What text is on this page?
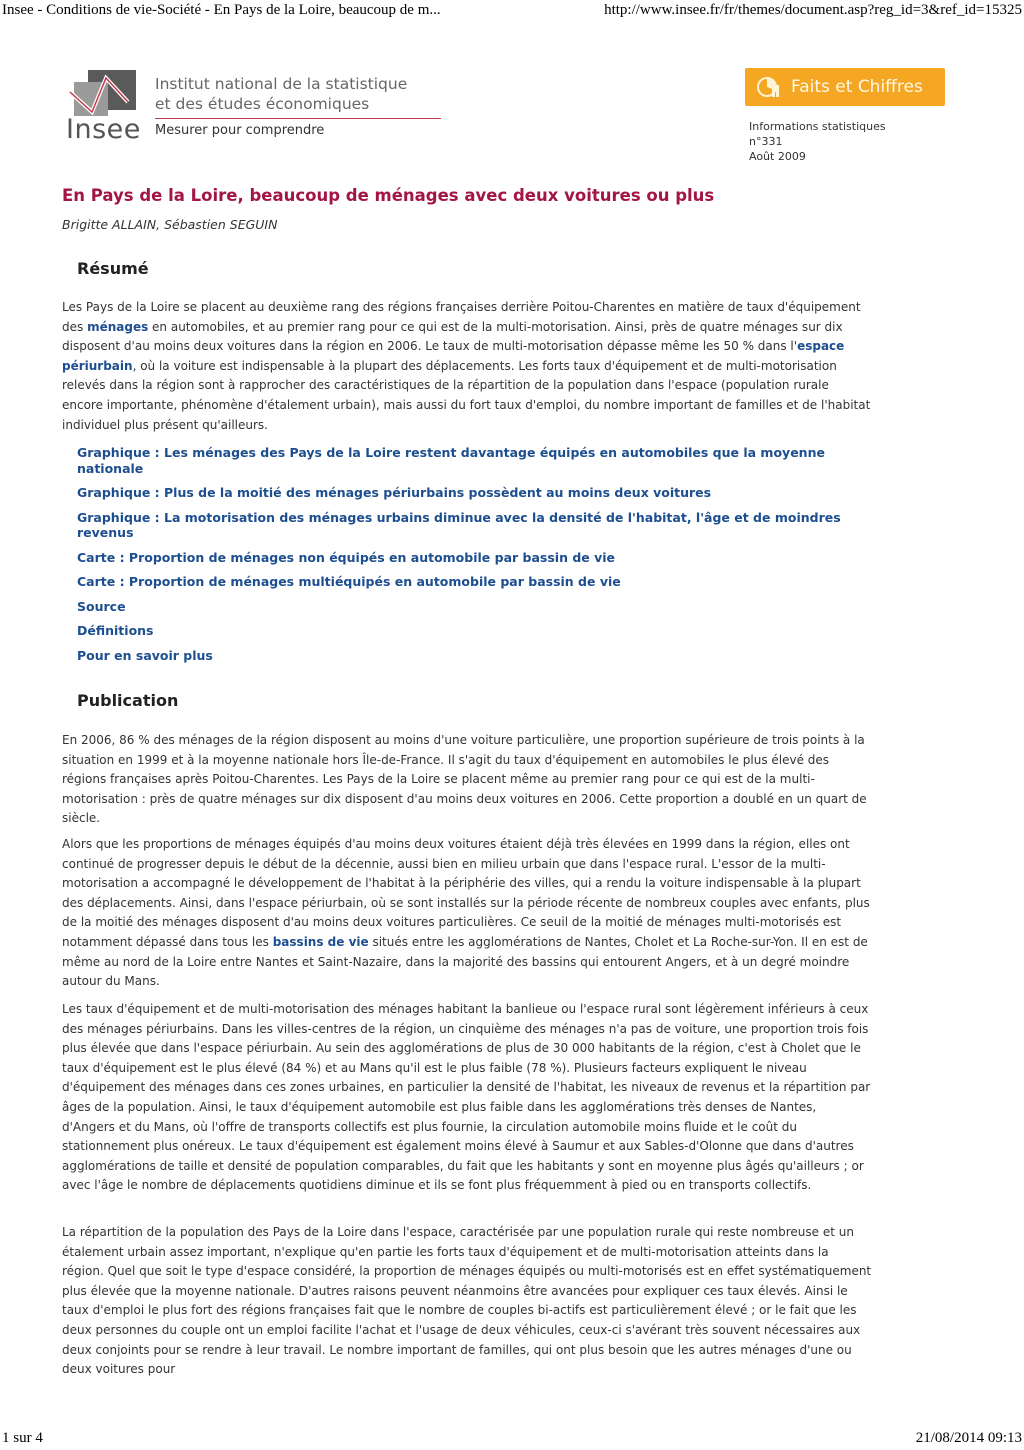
Insee - Conditions de vie-Société - En Pays de la Loire, beaucoup de m...	http://www.insee.fr/fr/themes/document.asp?reg_id=3&ref_id=15325
Insee
Institut national de la statistique
et des études économiques
Mesurer pour comprendre
Faits et Chiffres
Informations statistiques
n°331
Août 2009
En Pays de la Loire, beaucoup de ménages avec deux voitures ou plus
Brigitte ALLAIN, Sébastien SEGUIN
Résumé
Les Pays de la Loire se placent au deuxième rang des régions françaises derrière Poitou-Charentes en matière de taux d'équipement des ménages en automobiles, et au premier rang pour ce qui est de la multi-motorisation. Ainsi, près de quatre ménages sur dix disposent d'au moins deux voitures dans la région en 2006. Le taux de multi-motorisation dépasse même les 50 % dans l'espace périurbain, où la voiture est indispensable à la plupart des déplacements. Les forts taux d'équipement et de multi-motorisation relevés dans la région sont à rapprocher des caractéristiques de la répartition de la population dans l'espace (population rurale encore importante, phénomène d'étalement urbain), mais aussi du fort taux d'emploi, du nombre important de familles et de l'habitat individuel plus présent qu'ailleurs.
Graphique : Les ménages des Pays de la Loire restent davantage équipés en automobiles que la moyenne nationale
Graphique : Plus de la moitié des ménages périurbains possèdent au moins deux voitures
Graphique : La motorisation des ménages urbains diminue avec la densité de l'habitat, l'âge et de moindres revenus
Carte : Proportion de ménages non équipés en automobile par bassin de vie
Carte : Proportion de ménages multiéquipés en automobile par bassin de vie
Source
Définitions
Pour en savoir plus
Publication
En 2006, 86 % des ménages de la région disposent au moins d'une voiture particulière, une proportion supérieure de trois points à la situation en 1999 et à la moyenne nationale hors Île-de-France. Il s'agit du taux d'équipement en automobiles le plus élevé des régions françaises après Poitou-Charentes. Les Pays de la Loire se placent même au premier rang pour ce qui est de la multi-motorisation : près de quatre ménages sur dix disposent d'au moins deux voitures en 2006. Cette proportion a doublé en un quart de siècle.
Alors que les proportions de ménages équipés d'au moins deux voitures étaient déjà très élevées en 1999 dans la région, elles ont continué de progresser depuis le début de la décennie, aussi bien en milieu urbain que dans l'espace rural. L'essor de la multi-motorisation a accompagné le développement de l'habitat à la périphérie des villes, qui a rendu la voiture indispensable à la plupart des déplacements. Ainsi, dans l'espace périurbain, où se sont installés sur la période récente de nombreux couples avec enfants, plus de la moitié des ménages disposent d'au moins deux voitures particulières. Ce seuil de la moitié de ménages multi-motorisés est notamment dépassé dans tous les bassins de vie situés entre les agglomérations de Nantes, Cholet et La Roche-sur-Yon. Il en est de même au nord de la Loire entre Nantes et Saint-Nazaire, dans la majorité des bassins qui entourent Angers, et à un degré moindre autour du Mans.
Les taux d'équipement et de multi-motorisation des ménages habitant la banlieue ou l'espace rural sont légèrement inférieurs à ceux des ménages périurbains. Dans les villes-centres de la région, un cinquième des ménages n'a pas de voiture, une proportion trois fois plus élevée que dans l'espace périurbain. Au sein des agglomérations de plus de 30 000 habitants de la région, c'est à Cholet que le taux d'équipement est le plus élevé (84 %) et au Mans qu'il est le plus faible (78 %). Plusieurs facteurs expliquent le niveau d'équipement des ménages dans ces zones urbaines, en particulier la densité de l'habitat, les niveaux de revenus et la répartition par âges de la population. Ainsi, le taux d'équipement automobile est plus faible dans les agglomérations très denses de Nantes, d'Angers et du Mans, où l'offre de transports collectifs est plus fournie, la circulation automobile moins fluide et le coût du stationnement plus onéreux. Le taux d'équipement est également moins élevé à Saumur et aux Sables-d'Olonne que dans d'autres agglomérations de taille et densité de population comparables, du fait que les habitants y sont en moyenne plus âgés qu'ailleurs ; or avec l'âge le nombre de déplacements quotidiens diminue et ils se font plus fréquemment à pied ou en transports collectifs.
La répartition de la population des Pays de la Loire dans l'espace, caractérisée par une population rurale qui reste nombreuse et un étalement urbain assez important, n'explique qu'en partie les forts taux d'équipement et de multi-motorisation atteints dans la région. Quel que soit le type d'espace considéré, la proportion de ménages équipés ou multi-motorisés est en effet systématiquement plus élevée que la moyenne nationale. D'autres raisons peuvent néanmoins être avancées pour expliquer ces taux élevés. Ainsi le taux d'emploi le plus fort des régions françaises fait que le nombre de couples bi-actifs est particulièrement élevé ; or le fait que les deux personnes du couple ont un emploi facilite l'achat et l'usage de deux véhicules, ceux-ci s'avérant très souvent nécessaires aux deux conjoints pour se rendre à leur travail. Le nombre important de familles, qui ont plus besoin que les autres ménages d'une ou deux voitures pour
1 sur 4	21/08/2014 09:13
